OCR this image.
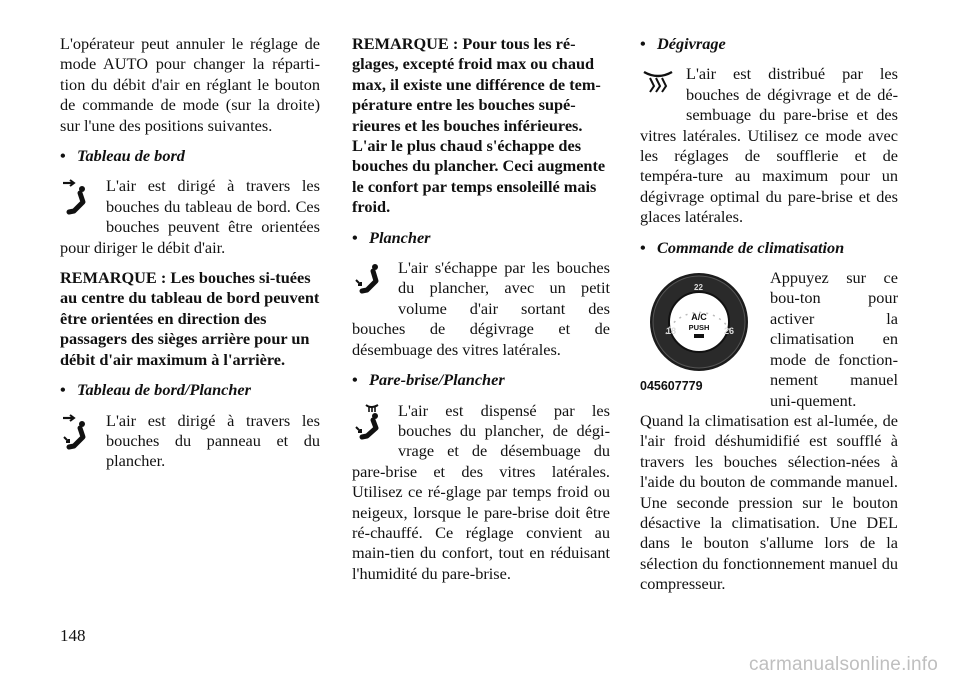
L'opérateur peut annuler le réglage de mode AUTO pour changer la réparti-tion du débit d'air en réglant le bouton de commande de mode (sur la droite) sur l'une des positions suivantes.

• Tableau de bord
L'air est dirigé à travers les bouches du tableau de bord. Ces bouches peuvent être orientées pour diriger le débit d'air.

REMARQUE : Les bouches si-tuées au centre du tableau de bord peuvent être orientées en direction des passagers des sièges arrière pour un débit d'air maximum à l'arrière.

• Tableau de bord/Plancher
L'air est dirigé à travers les bouches du panneau et du plancher.

REMARQUE : Pour tous les ré-glages, excepté froid max ou chaud max, il existe une différence de tem-pérature entre les bouches supé-rieures et les bouches inférieures. L'air le plus chaud s'échappe des bouches du plancher. Ceci augmente le confort par temps ensoleillé mais froid.

• Plancher
L'air s'échappe par les bouches du plancher, avec un petit volume d'air sortant des bouches de dégivrage et de désembuage des vitres latérales.
• Pare-brise/Plancher
L'air est dispensé par les bouches du plancher, de dégi-vrage et de désembuage du pare-brise et des vitres latérales. Utilisez ce ré-glage par temps froid ou neigeux, lorsque le pare-brise doit être ré-chauffé. Ce réglage convient au main-tien du confort, tout en réduisant l'humidité du pare-brise.
• Dégivrage
L'air est distribué par les bouches de dégivrage et de dé-sembuage du pare-brise et des vitres latérales. Utilisez ce mode avec les réglages de soufflerie et de tempéra-ture au maximum pour un dégivrage optimal du pare-brise et des glaces latérales.
• Commande de climatisation
18
22
26
A/C
PUSH
045607779
Appuyez sur ce bou-ton pour activer la climatisation en mode de fonction-nement manuel uni-quement. Quand la climatisation est al-lumée, de l'air froid déshumidifié est soufflé à travers les bouches sélection-nées à l'aide du bouton de commande manuel. Une seconde pression sur le bouton désactive la climatisation. Une DEL dans le bouton s'allume lors de la sélection du fonctionnement manuel du compresseur.
148
carmanualsonline.info
